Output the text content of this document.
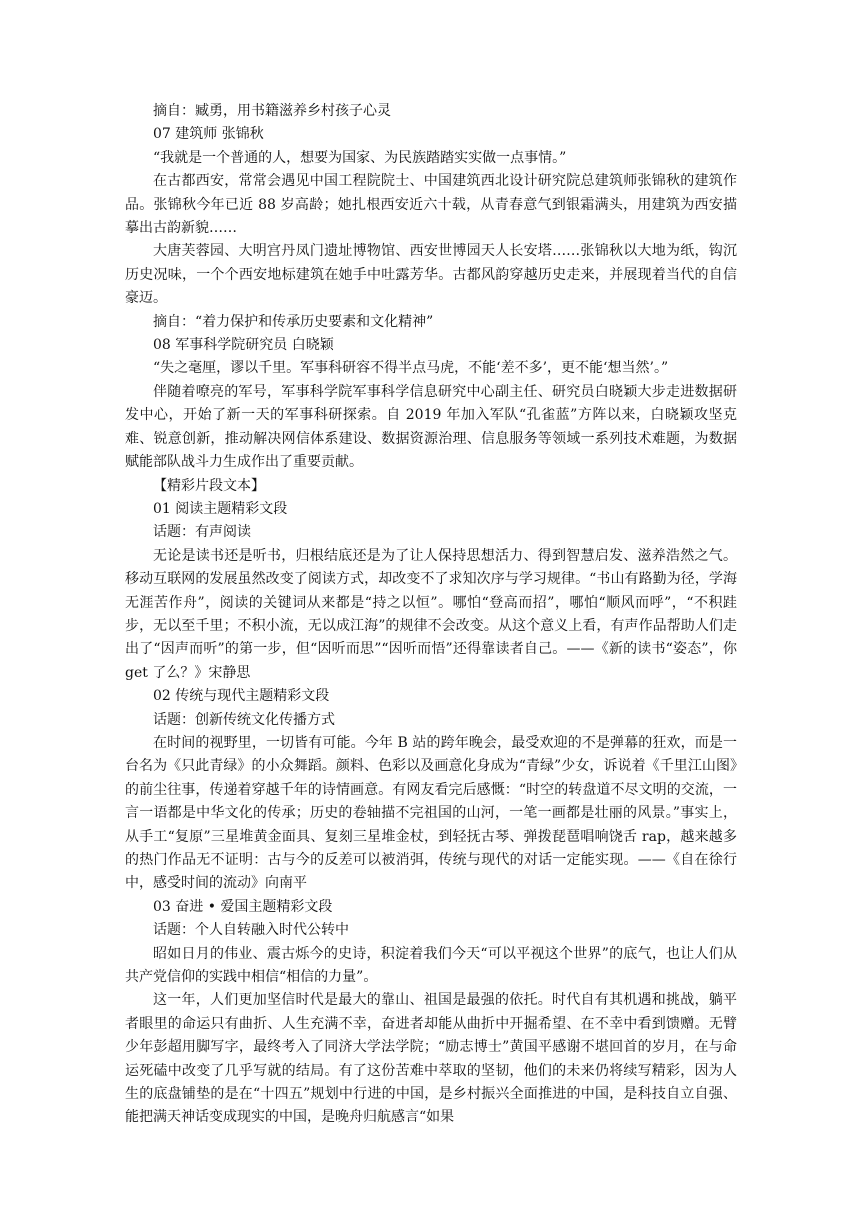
摘自：臧勇，用书籍滋养乡村孩子心灵

07 建筑师 张锦秋

“我就是一个普通的人，想要为国家、为民族踏踏实实做一点事情。”

在古都西安，常常会遇见中国工程院院士、中国建筑西北设计研究院总建筑师张锦秋的建筑作品。张锦秋今年已近 88 岁高龄；她扎根西安近六十载，从青春意气到银霜满头，用建筑为西安描摹出古韵新貌……

大唐芙蓉园、大明宫丹凤门遗址博物馆、西安世博园天人长安塔……张锦秋以大地为纸，钩沉历史况味，一个个西安地标建筑在她手中吐露芳华。古都风韵穿越历史走来，并展现着当代的自信豪迈。

摘自：“着力保护和传承历史要素和文化精神”

08 军事科学院研究员 白晓颖

“失之毫厘，谬以千里。军事科研容不得半点马虎，不能‘差不多’，更不能‘想当然’。”

伴随着嘹亮的军号，军事科学院军事科学信息研究中心副主任、研究员白晓颖大步走进数据研发中心，开始了新一天的军事科研探索。自 2019 年加入军队“孔雀蓝”方阵以来，白晓颖攻坚克难、锐意创新，推动解决网信体系建设、数据资源治理、信息服务等领域一系列技术难题，为数据赋能部队战斗力生成作出了重要贡献。

【精彩片段文本】

01 阅读主题精彩文段

话题：有声阅读

无论是读书还是听书，归根结底还是为了让人保持思想活力、得到智慧启发、滋养浩然之气。移动互联网的发展虽然改变了阅读方式，却改变不了求知次序与学习规律。“书山有路勤为径，学海无涯苦作舟”，阅读的关键词从来都是“持之以恒”。哪怕“登高而招”，哪怕“顺风而呼”，“不积跬步，无以至千里；不积小流，无以成江海”的规律不会改变。从这个意义上看，有声作品帮助人们走出了“因声而听”的第一步，但“因听而思”“因听而悟”还得靠读者自己。——《新的读书“姿态”，你 get 了么？》宋静思

02 传统与现代主题精彩文段

话题：创新传统文化传播方式

在时间的视野里，一切皆有可能。今年 B 站的跨年晚会，最受欢迎的不是弹幕的狂欢，而是一台名为《只此青绿》的小众舞蹈。颜料、色彩以及画意化身成为“青绿”少女，诉说着《千里江山图》的前尘往事，传递着穿越千年的诗情画意。有网友看完后感慨：“时空的转盘道不尽文明的交流，一言一语都是中华文化的传承；历史的卷轴描不完祖国的山河，一笔一画都是壮丽的风景。”事实上，从手工“复原”三星堆黄金面具、复刻三星堆金杖，到轻抚古琴、弹拨琵琶唱响饶舌 rap，越来越多的热门作品无不证明：古与今的反差可以被消弭，传统与现代的对话一定能实现。——《自在徐行中，感受时间的流动》向南平

03 奋进 • 爱国主题精彩文段

话题：个人自转融入时代公转中

昭如日月的伟业、震古烁今的史诗，积淀着我们今天“可以平视这个世界”的底气，也让人们从共产党信仰的实践中相信“相信的力量”。

这一年，人们更加坚信时代是最大的靠山、祖国是最强的依托。时代自有其机遇和挑战，躺平者眼里的命运只有曲折、人生充满不幸，奋进者却能从曲折中开掘希望、在不幸中看到馈赠。无臂少年彭超用脚写字，最终考入了同济大学法学院；“励志博士”黄国平感谢不堪回首的岁月，在与命运死磕中改变了几乎写就的结局。有了这份苦难中萃取的坚韧，他们的未来仍将续写精彩，因为人生的底盘铺垫的是在“十四五”规划中行进的中国，是乡村振兴全面推进的中国，是科技自立自强、能把满天神话变成现实的中国，是晚舟归航感言“如果
